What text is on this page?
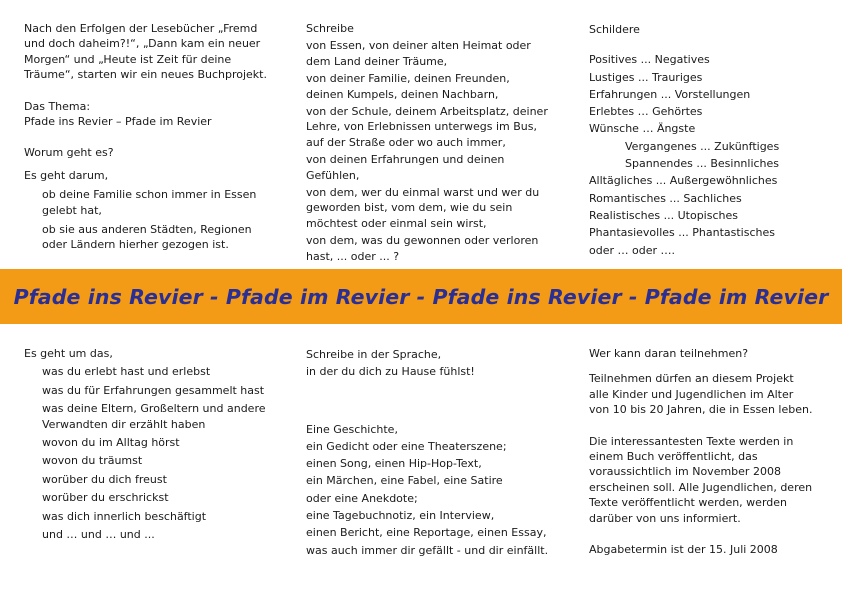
Nach den Erfolgen der Lesebücher „Fremd

und doch daheim?!“, „Dann kam ein neuer

Morgen“ und „Heute ist Zeit für deine

Träume“, starten wir ein neues Buchprojekt.

Das Thema:

Pfade ins Revier – Pfade im Revier

Worum geht es?

Es geht darum,

ob deine Familie schon immer in Essen

gelebt hat,

ob sie aus anderen Städten, Regionen

oder Ländern hierher gezogen ist.

Schreibe

von Essen, von deiner alten Heimat oder

dem Land deiner Träume,

von deiner Familie, deinen Freunden,

deinen Kumpels, deinen Nachbarn,

von der Schule, deinem Arbeitsplatz, deiner

Lehre, von Erlebnissen unterwegs im Bus,

auf der Straße oder wo auch immer,

von deinen Erfahrungen und deinen

Gefühlen,

von dem, wer du einmal warst und wer du

geworden bist, vom dem, wie du sein

möchtest oder einmal sein wirst,

von dem, was du gewonnen oder verloren

hast, ... oder ... ?

Schildere

Positives ... Negatives

Lustiges ... Trauriges

Erfahrungen ... Vorstellungen

Erlebtes … Gehörtes

Wünsche … Ängste

Vergangenes ... Zukünftiges

Spannendes ... Besinnliches

Alltägliches ... Außergewöhnliches

Romantisches ... Sachliches

Realistisches ... Utopisches

Phantasievolles ... Phantastisches

oder … oder ….

Pfade ins Revier - Pfade im Revier - Pfade ins Revier - Pfade im Revier

Es geht um das,

was du erlebt hast und erlebst

was du für Erfahrungen gesammelt hast

was deine Eltern, Großeltern und andere

Verwandten dir erzählt haben

wovon du im Alltag hörst

wovon du träumst

worüber du dich freust

worüber du erschrickst

was dich innerlich beschäftigt

und … und … und ...

Schreibe in der Sprache,

in der du dich zu Hause fühlst!

Eine Geschichte,

ein Gedicht oder eine Theaterszene;

einen Song, einen Hip-Hop-Text,

ein Märchen, eine Fabel, eine Satire

oder eine Anekdote;

eine Tagebuchnotiz, ein Interview,

einen Bericht, eine Reportage, einen Essay,

was auch immer dir gefällt - und dir einfällt.

Wer kann daran teilnehmen?

Teilnehmen dürfen an diesem Projekt

alle Kinder und Jugendlichen im Alter

von 10 bis 20 Jahren, die in Essen leben.

Die interessantesten Texte werden in

einem Buch veröffentlicht, das

voraussichtlich im November 2008

erscheinen soll. Alle Jugendlichen, deren

Texte veröffentlicht werden, werden

darüber von uns informiert.

Abgabetermin ist der 15. Juli 2008
